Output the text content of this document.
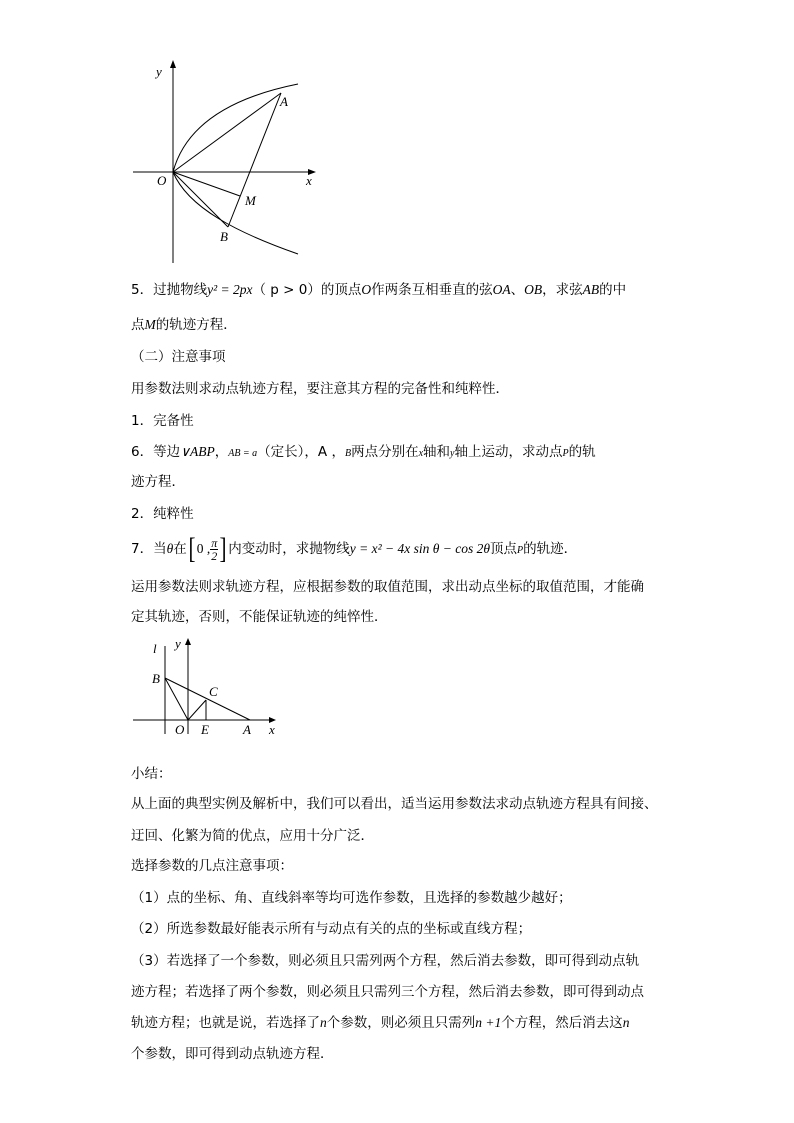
y
x
O
A
M
B
5．过抛物线y² = 2px（ p > 0）的顶点O作两条互相垂直的弦OA、OB，求弦AB的中
点M的轨迹方程．
（二）注意事项
用参数法则求动点轨迹方程，要注意其方程的完备性和纯粹性．
1．完备性
6．等边∨ABP，AB = a（定长），A ，B两点分别在x轴和y轴上运动，求动点P的轨
迹方程．
2．纯粹性
7．当θ在[ 0 , $\frac{\pi}{2}$ ] 内变动时，求抛物线y = x² − 4x sin θ − cos 2θ顶点P的轨迹．
运用参数法则求轨迹方程，应根据参数的取值范围，求出动点坐标的取值范围，才能确
定其轨迹，否则，不能保证轨迹的纯悴性．
l y
B
C
O E	A x
小结：
从上面的典型实例及解析中，我们可以看出，适当运用参数法求动点轨迹方程具有间接、
迂回、化繁为简的优点，应用十分广泛．
选择参数的几点注意事项：
（1）点的坐标、角、直线斜率等均可选作参数，且选择的参数越少越好；
（2）所选参数最好能表示所有与动点有关的点的坐标或直线方程；
（3）若选择了一个参数，则必须且只需列两个方程，然后消去参数，即可得到动点轨
迹方程；若选择了两个参数，则必须且只需列三个方程，然后消去参数，即可得到动点
轨迹方程；也就是说，若选择了n个参数，则必须且只需列n +1个方程，然后消去这n
个参数，即可得到动点轨迹方程．
